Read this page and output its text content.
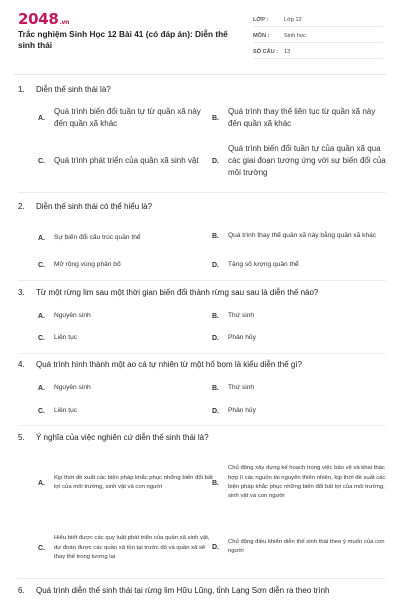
2048.vn
Trắc nghiệm Sinh Học 12 Bài 41 (có đáp án): Diễn thế sinh thái
LỚP :	Lớp 12
MÔN :	Sinh học
SỐ CÂU :	13
1.	Diễn thế sinh thái là?
A.
Quá trình biến đổi tuần tự từ quần xã này đến quần xã khác
B.
Quá trình thay thế liên tục từ quần xã này đến quần xã khác
C.	Quá trình phát triển của quần xã sinh vật D.
Quá trình biến đổi tuần tự của quần xã qua các giai đoạn tương ứng với sự biến đổi của môi trường
2.	Diễn thế sinh thái có thể hiểu là?
A.	Sự biến đổi cấu trúc quần thể	B.	Quá trình thay thế quần xã này bằng quần xã khác
C.	Mở rộng vùng phân bố	D.	Tăng số lượng quần thể
3.	Từ một rừng lim sau một thời gian biến đổi thành rừng sau sau là diễn thế nào?
A.	Nguyên sinh	B.	Thứ sinh
C.	Liên tục	D.	Phân hủy
4.	Quá trình hình thành một ao cá tự nhiên từ một hố bom là kiểu diễn thế gì?
A.	Nguyên sinh	B.	Thứ sinh
C.	Liên tục	D.	Phân hủy
5.	Ý nghĩa của việc nghiên cứ diễn thế sinh thái là?
A.
Kịp thời đề xuất các biện pháp khắc phục những biến đổi bất lợi của môi trường, sinh vật và con người
B.
Chủ động xây dựng kế hoạch trong việc bảo vệ và khai thác hợp lí các nguồn tài nguyên thiên nhiên, kịp thời đề xuất các biện pháp khắc phục những biến đổi bất lợi của môi trường, sinh vật và con người
C.
Hiểu biết được các quy luật phát triển của quần xã sinh vật, dự đoán được các quần xã tồn tại trước đó và quần xã sẽ thay thế trong tương lai
D.
Chủ động điều khiển diễn thế sinh thái theo ý muốn của con người
6.	Quá trình diễn thế sinh thái tại rừng lim Hữu Lũng, tỉnh Lạng Sơn diễn ra theo trình
